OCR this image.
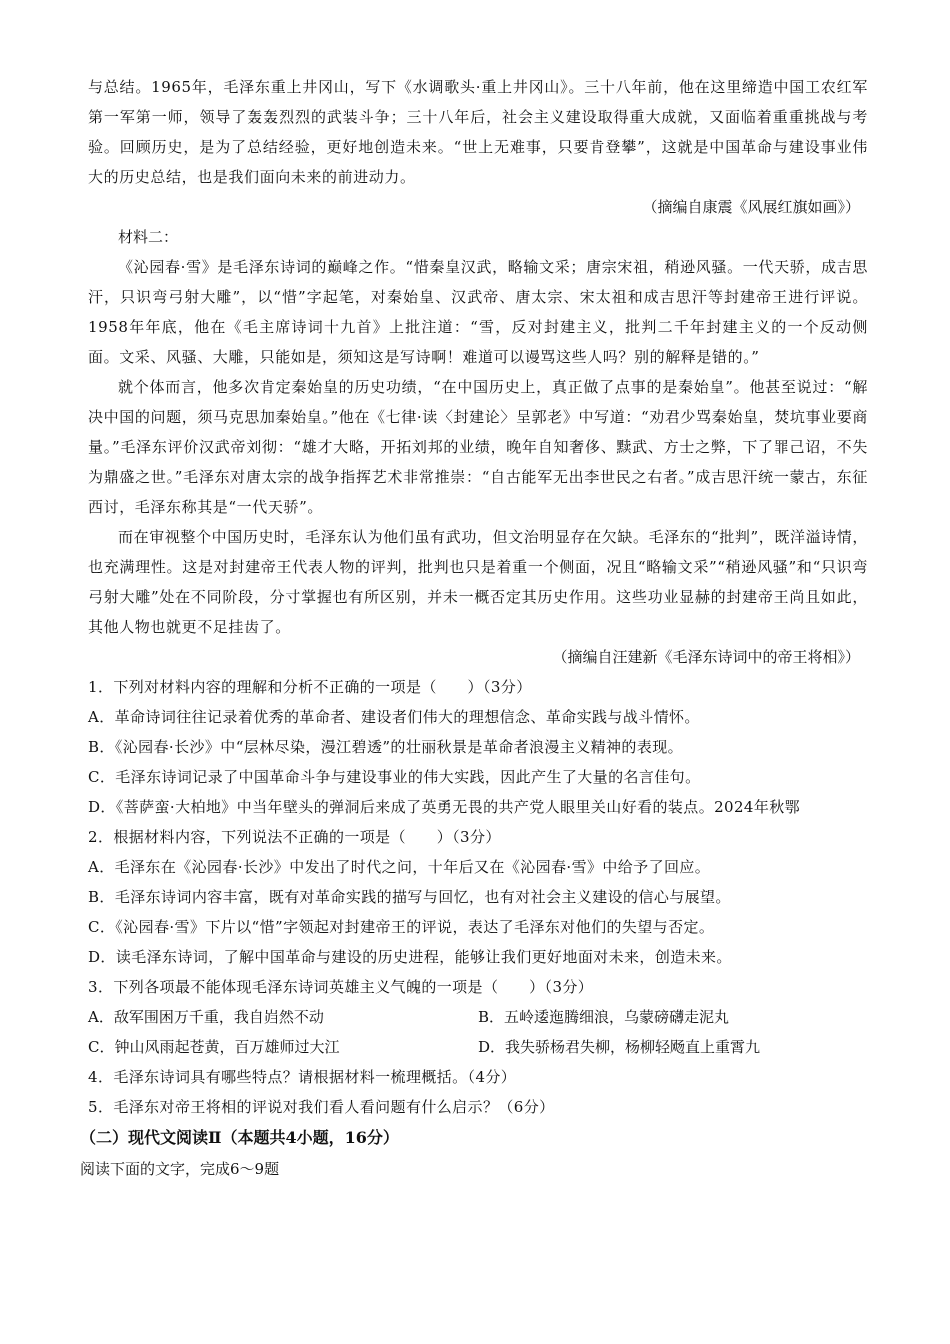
与总结。1965年，毛泽东重上井冈山，写下《水调歌头·重上井冈山》。三十八年前，他在这里缔造中国工农红军第一军第一师，领导了轰轰烈烈的武装斗争；三十八年后，社会主义建设取得重大成就，又面临着重重挑战与考验。回顾历史，是为了总结经验，更好地创造未来。“世上无难事，只要肯登攀”，这就是中国革命与建设事业伟大的历史总结，也是我们面向未来的前进动力。

（摘编自康震《风展红旗如画》）

材料二：

《沁园春·雪》是毛泽东诗词的巅峰之作。“惜秦皇汉武，略输文采；唐宗宋祖，稍逊风骚。一代天骄，成吉思汗，只识弯弓射大雕”，以“惜”字起笔，对秦始皇、汉武帝、唐太宗、宋太祖和成吉思汗等封建帝王进行评说。1958年年底，他在《毛主席诗词十九首》上批注道：“雪，反对封建主义，批判二千年封建主义的一个反动侧面。文采、风骚、大雕，只能如是，须知这是写诗啊！难道可以谩骂这些人吗？别的解释是错的。”

就个体而言，他多次肯定秦始皇的历史功绩，“在中国历史上，真正做了点事的是秦始皇”。他甚至说过：“解决中国的问题，须马克思加秦始皇。”他在《七律·读〈封建论〉呈郭老》中写道：“劝君少骂秦始皇，焚坑事业要商量。”毛泽东评价汉武帝刘彻：“雄才大略，开拓刘邦的业绩，晚年自知奢侈、黩武、方士之弊，下了罪己诏，不失为鼎盛之世。”毛泽东对唐太宗的战争指挥艺术非常推崇：“自古能军无出李世民之右者。”成吉思汗统一蒙古，东征西讨，毛泽东称其是“一代天骄”。

而在审视整个中国历史时，毛泽东认为他们虽有武功，但文治明显存在欠缺。毛泽东的“批判”，既洋溢诗情，也充满理性。这是对封建帝王代表人物的评判，批判也只是着重一个侧面，况且“略输文采”“稍逊风骚”和“只识弯弓射大雕”处在不同阶段，分寸掌握也有所区别，并未一概否定其历史作用。这些功业显赫的封建帝王尚且如此，其他人物也就更不足挂齿了。

（摘编自汪建新《毛泽东诗词中的帝王将相》）

1．下列对材料内容的理解和分析不正确的一项是（　　）（3分）

A．革命诗词往往记录着优秀的革命者、建设者们伟大的理想信念、革命实践与战斗情怀。

B．《沁园春·长沙》中“层林尽染，漫江碧透”的壮丽秋景是革命者浪漫主义精神的表现。

C．毛泽东诗词记录了中国革命斗争与建设事业的伟大实践，因此产生了大量的名言佳句。

D．《菩萨蛮·大柏地》中当年壁头的弹洞后来成了英勇无畏的共产党人眼里关山好看的装点。2024年秋鄂

2．根据材料内容，下列说法不正确的一项是（　　）（3分）

A．毛泽东在《沁园春·长沙》中发出了时代之问，十年后又在《沁园春·雪》中给予了回应。

B．毛泽东诗词内容丰富，既有对革命实践的描写与回忆，也有对社会主义建设的信心与展望。

C．《沁园春·雪》下片以“惜”字领起对封建帝王的评说，表达了毛泽东对他们的失望与否定。

D．读毛泽东诗词，了解中国革命与建设的历史进程，能够让我们更好地面对未来，创造未来。

3．下列各项最不能体现毛泽东诗词英雄主义气魄的一项是（　　）（3分）

A．敌军围困万千重，我自岿然不动	B．五岭逶迤腾细浪，乌蒙磅礴走泥丸
C．钟山风雨起苍黄，百万雄师过大江	D．我失骄杨君失柳，杨柳轻飏直上重霄九

4．毛泽东诗词具有哪些特点？请根据材料一梳理概括。（4分）

5．毛泽东对帝王将相的评说对我们看人看问题有什么启示？（6分）

（二）现代文阅读Ⅱ（本题共4小题，16分）

阅读下面的文字，完成6～9题
